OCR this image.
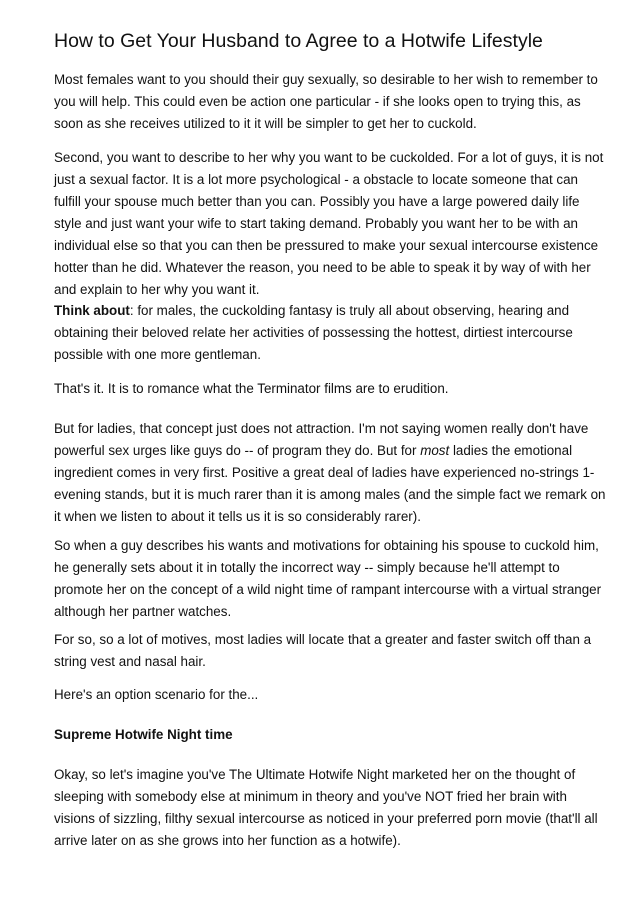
How to Get Your Husband to Agree to a Hotwife Lifestyle

Most females want to you should their guy sexually, so desirable to her wish to remember to
you will help. This could even be action one particular - if she looks open to trying this, as
soon as she receives utilized to it it will be simpler to get her to cuckold.

Second, you want to describe to her why you want to be cuckolded. For a lot of guys, it is not
just a sexual factor. It is a lot more psychological - a obstacle to locate someone that can
fulfill your spouse much better than you can. Possibly you have a large powered daily life
style and just want your wife to start taking demand. Probably you want her to be with an
individual else so that you can then be pressured to make your sexual intercourse existence
hotter than he did. Whatever the reason, you need to be able to speak it by way of with her
and explain to her why you want it.

Think about: for males, the cuckolding fantasy is truly all about observing, hearing and
obtaining their beloved relate her activities of possessing the hottest, dirtiest intercourse
possible with one more gentleman.

That's it. It is to romance what the Terminator films are to erudition.

But for ladies, that concept just does not attraction. I'm not saying women really don't have
powerful sex urges like guys do -- of program they do. But for most ladies the emotional
ingredient comes in very first. Positive a great deal of ladies have experienced no-strings 1-
evening stands, but it is much rarer than it is among males (and the simple fact we remark on
it when we listen to about it tells us it is so considerably rarer).

So when a guy describes his wants and motivations for obtaining his spouse to cuckold him,
he generally sets about it in totally the incorrect way -- simply because he'll attempt to
promote her on the concept of a wild night time of rampant intercourse with a virtual stranger
although her partner watches.

For so, so a lot of motives, most ladies will locate that a greater and faster switch off than a
string vest and nasal hair.

Here's an option scenario for the...

Supreme Hotwife Night time

Okay, so let's imagine you've The Ultimate Hotwife Night marketed her on the thought of
sleeping with somebody else at minimum in theory and you've NOT fried her brain with
visions of sizzling, filthy sexual intercourse as noticed in your preferred porn movie (that'll all
arrive later on as she grows into her function as a hotwife).
